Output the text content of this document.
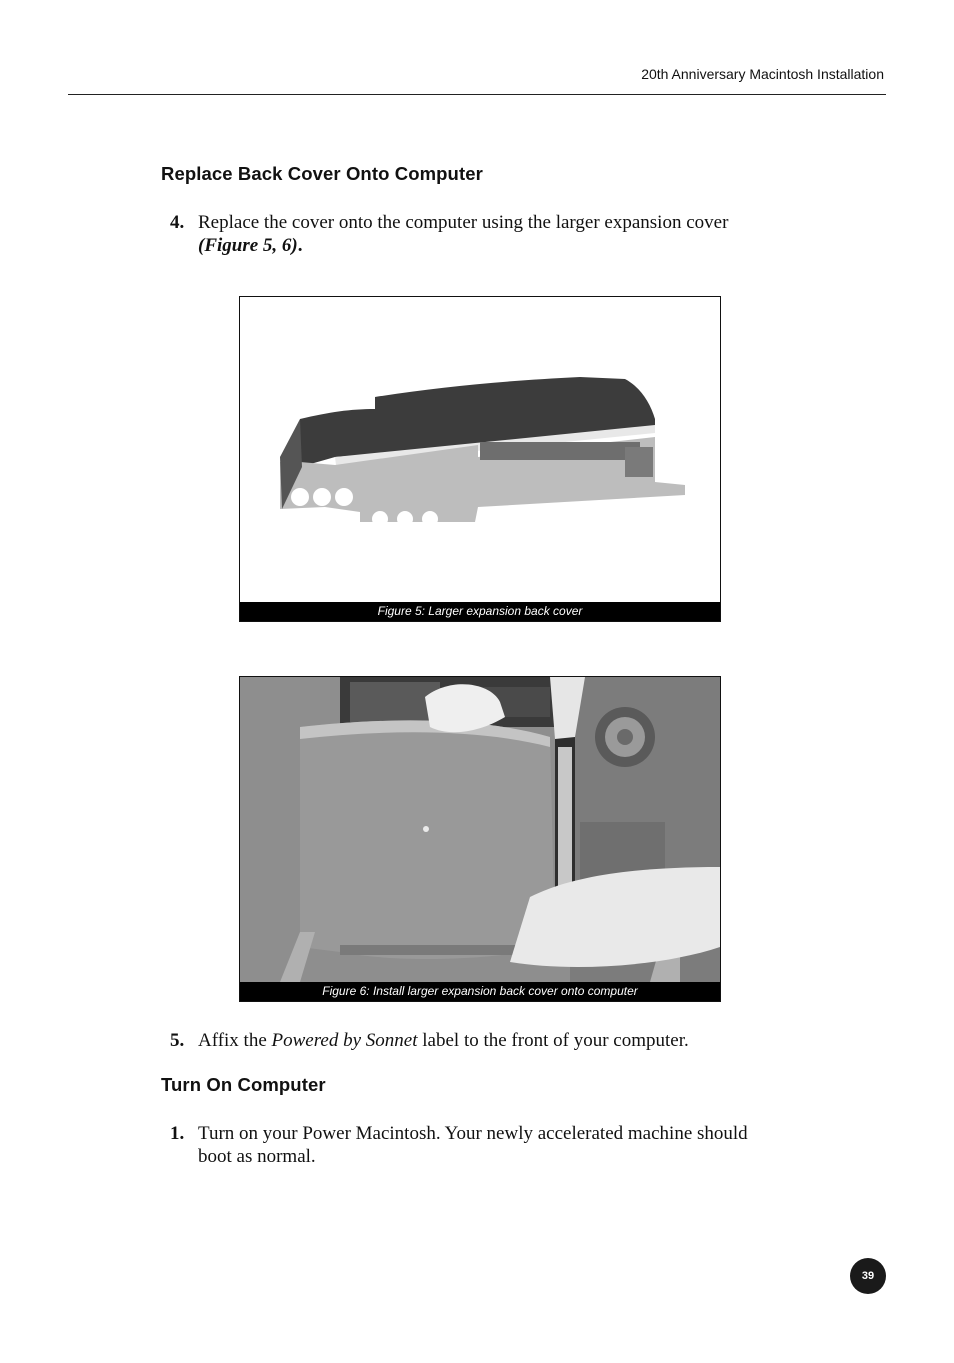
20th Anniversary Macintosh Installation
Replace Back Cover Onto Computer
4. Replace the cover onto the computer using the larger expansion cover (Figure 5, 6).
Figure 5: Larger expansion back cover
Figure 6: Install larger expansion back cover onto computer
5. Affix the Powered by Sonnet label to the front of your computer.
Turn On Computer
1. Turn on your Power Macintosh. Your newly accelerated machine should boot as normal.
39
